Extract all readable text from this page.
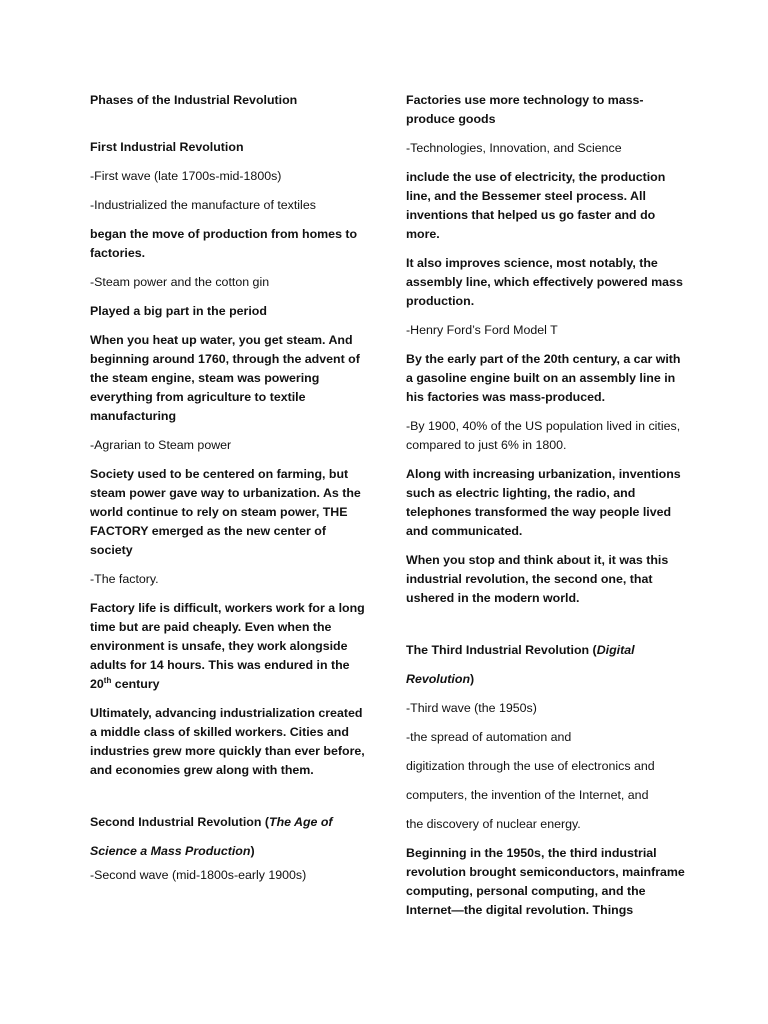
Phases of the Industrial Revolution

First Industrial Revolution

-First wave (late 1700s-mid-1800s)

-Industrialized the manufacture of textiles

began the move of production from homes to factories.

-Steam power and the cotton gin

Played a big part in the period

When you heat up water, you get steam. And beginning around 1760, through the advent of the steam engine, steam was powering everything from agriculture to textile manufacturing

-Agrarian to Steam power

Society used to be centered on farming, but steam power gave way to urbanization. As the world continue to rely on steam power, THE FACTORY emerged as the new center of society

-The factory.

Factory life is difficult, workers work for a long time but are paid cheaply. Even when the environment is unsafe, they work alongside adults for 14 hours. This was endured in the 20th century

Ultimately, advancing industrialization created a middle class of skilled workers. Cities and industries grew more quickly than ever before, and economies grew along with them.

Second Industrial Revolution (The Age of Science a Mass Production)

-Second wave (mid-1800s-early 1900s)

Factories use more technology to mass-produce goods

-Technologies, Innovation, and Science

include the use of electricity, the production line, and the Bessemer steel process. All inventions that helped us go faster and do more.

It also improves science, most notably, the assembly line, which effectively powered mass production.

-Henry Ford’s Ford Model T

By the early part of the 20th century, a car with a gasoline engine built on an assembly line in his factories was mass-produced.

-By 1900, 40% of the US population lived in cities, compared to just 6% in 1800.

Along with increasing urbanization, inventions such as electric lighting, the radio, and telephones transformed the way people lived and communicated.

When you stop and think about it, it was this industrial revolution, the second one, that ushered in the modern world.

The Third Industrial Revolution (Digital
Revolution)

-Third wave (the 1950s)

-the spread of automation and

digitization through the use of electronics and

computers, the invention of the Internet, and

the discovery of nuclear energy.

Beginning in the 1950s, the third industrial revolution brought semiconductors, mainframe computing, personal computing, and the Internet—the digital revolution. Things
